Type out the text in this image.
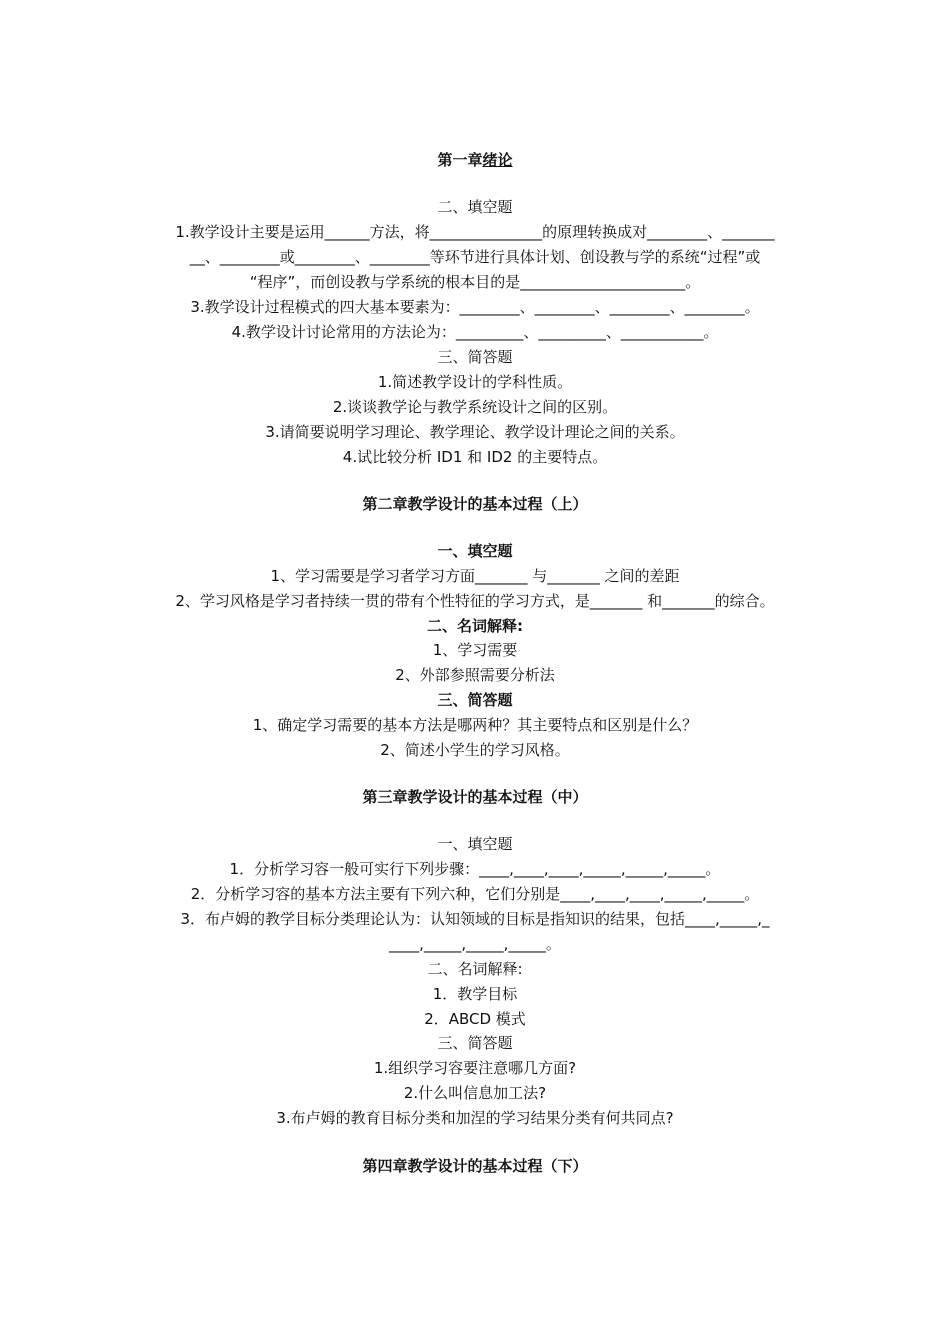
第一章绪论
二、填空题
1.教学设计主要是运用______方法，将_______________的原理转换成对________、_______
__、________或________、________等环节进行具体计划、创设教与学的系统“过程”或
“程序”，而创设教与学系统的根本目的是______________________。
3.教学设计过程模式的四大基本要素为：________、________、________、________。
4.教学设计讨论常用的方法论为：_________、_________、___________。
三、简答题
1.简述教学设计的学科性质。
2.谈谈教学论与教学系统设计之间的区别。
3.请简要说明学习理论、教学理论、教学设计理论之间的关系。
4.试比较分析 ID1 和 ID2 的主要特点。
第二章教学设计的基本过程（上）
一、填空题
1、学习需要是学习者学习方面_______ 与_______ 之间的差距
2、学习风格是学习者持续一贯的带有个性特征的学习方式，是_______ 和_______的综合。
二、名词解释:
1、学习需要
2、外部参照需要分析法
三、简答题
1、确定学习需要的基本方法是哪两种？其主要特点和区别是什么？
2、简述小学生的学习风格。
第三章教学设计的基本过程（中）
一、填空题
1．分析学习容一般可实行下列步骤：____,____,____,_____,_____,_____。
2．分析学习容的基本方法主要有下列六种，它们分别是____,____,____,_____,_____。
3．布卢姆的教学目标分类理论认为：认知领域的目标是指知识的结果，包括____,_____,_
____,_____,_____,_____。
二、名词解释:
1．教学目标
2．ABCD 模式
三、简答题
1.组织学习容要注意哪几方面?
2.什么叫信息加工法?
3.布卢姆的教育目标分类和加涅的学习结果分类有何共同点?
第四章教学设计的基本过程（下）
